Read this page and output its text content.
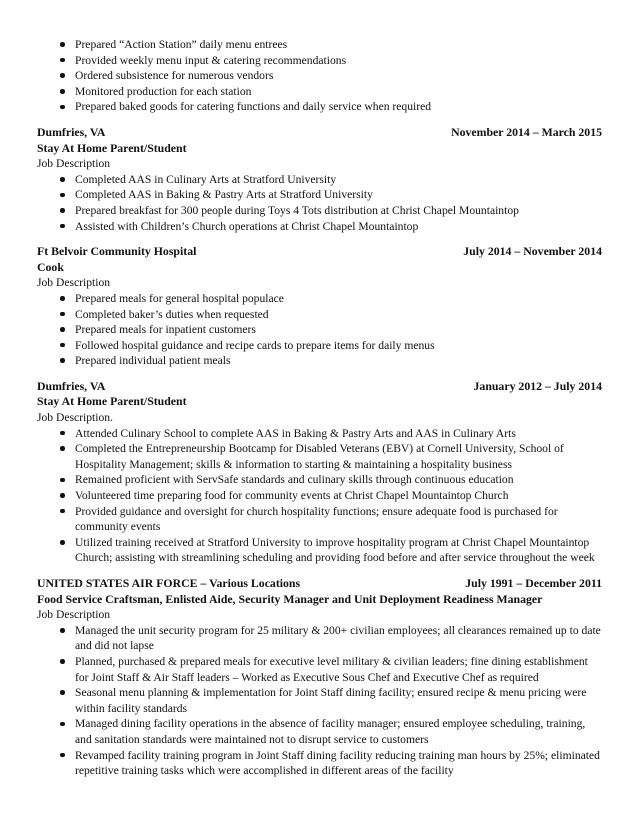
Prepared “Action Station” daily menu entrees
Provided weekly menu input & catering recommendations
Ordered subsistence for numerous vendors
Monitored production for each station
Prepared baked goods for catering functions and daily service when required
Dumfries, VA	November 2014 – March 2015
Stay At Home Parent/Student
Job Description
Completed AAS in Culinary Arts at Stratford University
Completed AAS in Baking & Pastry Arts at Stratford University
Prepared breakfast for 300 people during Toys 4 Tots distribution at Christ Chapel Mountaintop
Assisted with Children’s Church operations at Christ Chapel Mountaintop
Ft Belvoir Community Hospital	July 2014 – November 2014
Cook
Job Description
Prepared meals for general hospital populace
Completed baker’s duties when requested
Prepared meals for inpatient customers
Followed hospital guidance and recipe cards to prepare items for daily menus
Prepared individual patient meals
Dumfries, VA	January 2012 – July 2014
Stay At Home Parent/Student
Job Description.
Attended Culinary School to complete AAS in Baking & Pastry Arts and AAS in Culinary Arts
Completed the Entrepreneurship Bootcamp for Disabled Veterans (EBV) at Cornell University, School of Hospitality Management; skills & information to starting & maintaining a hospitality business
Remained proficient with ServSafe standards and culinary skills through continuous education
Volunteered time preparing food for community events at Christ Chapel Mountaintop Church
Provided guidance and oversight for church hospitality functions; ensure adequate food is purchased for community events
Utilized training received at Stratford University to improve hospitality program at Christ Chapel Mountaintop Church; assisting with streamlining scheduling and providing food before and after service throughout the week
UNITED STATES AIR FORCE – Various Locations	July 1991 – December 2011
Food Service Craftsman, Enlisted Aide, Security Manager and Unit Deployment Readiness Manager
Job Description
Managed the unit security program for 25 military & 200+ civilian employees; all clearances remained up to date and did not lapse
Planned, purchased & prepared meals for executive level military & civilian leaders; fine dining establishment for Joint Staff & Air Staff leaders – Worked as Executive Sous Chef and Executive Chef as required
Seasonal menu planning & implementation for Joint Staff dining facility; ensured recipe & menu pricing were within facility standards
Managed dining facility operations in the absence of facility manager; ensured employee scheduling, training, and sanitation standards were maintained not to disrupt service to customers
Revamped facility training program in Joint Staff dining facility reducing training man hours by 25%; eliminated repetitive training tasks which were accomplished in different areas of the facility
